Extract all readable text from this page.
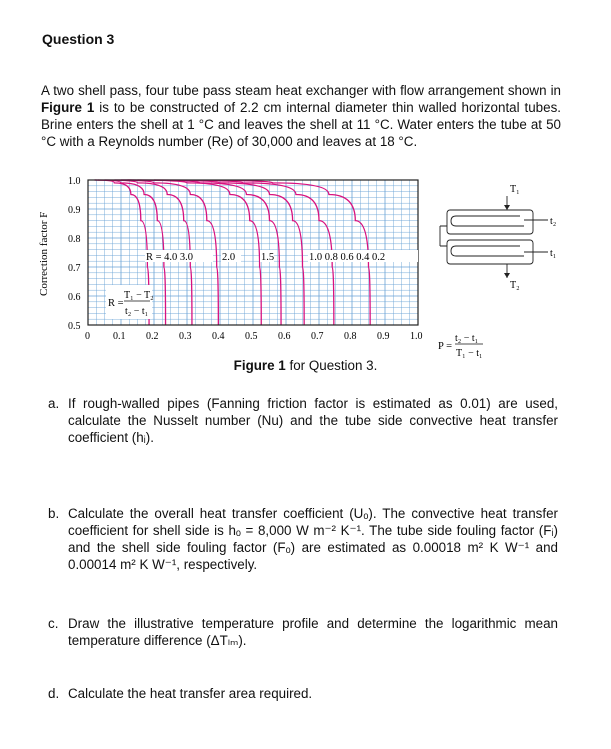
Question 3
A two shell pass, four tube pass steam heat exchanger with flow arrangement shown in Figure 1 is to be constructed of 2.2 cm internal diameter thin walled horizontal tubes. Brine enters the shell at 1 °C and leaves the shell at 11 °C. Water enters the tube at 50 °C with a Reynolds number (Re) of 30,000 and leaves at 18 °C.
1.0
0.9
0.8
0.7
0.6
0.5
0 0.1 0.2 0.3 0.4 0.5 0.6 0.7 0.8 0.9 1.0
Correction factor F	R = 4.0 3.0	2.0 1.5	1.0 0.8 0.6 0.4 0.2
R =
T₁ − T₂
t₂ − t₁
P =
t₂ − t₁
T₁ − t₁
T₁
T₂
t₂
t₁
Figure 1 for Question 3.
a. If rough-walled pipes (Fanning friction factor is estimated as 0.01) are used, calculate the Nusselt number (Nu) and the tube side convective heat transfer coefficient (hᵢ).
b. Calculate the overall heat transfer coefficient (Uₒ). The convective heat transfer coefficient for shell side is hₒ = 8,000 W m⁻² K⁻¹. The tube side fouling factor (Fᵢ) and the shell side fouling factor (Fₒ) are estimated as 0.00018 m² K W⁻¹ and 0.00014 m² K W⁻¹, respectively.
c. Draw the illustrative temperature profile and determine the logarithmic mean temperature difference (ΔTₗₘ).
d. Calculate the heat transfer area required.
